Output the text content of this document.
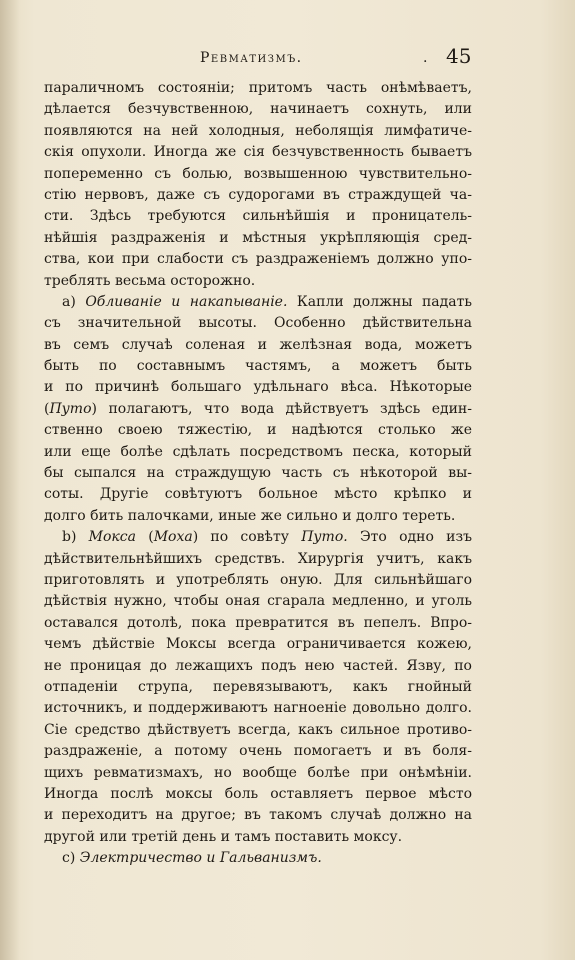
Ревматизмъ.	. 45
параличномъ состояніи; притомъ часть онѣмѣваетъ,
дѣлается безчувственною, начинаетъ сохнуть, или
появляются на ней холодныя, неболящія лимфатиче-
скія опухоли. Иногда же сія безчувственность бываетъ
попеременно съ болью, возвышенною чувствительно-
стію нервовъ, даже съ судорогами въ страждущей ча-
сти. Здѣсь требуются сильнѣйшія и проницатель-
нѣйшія раздраженія и мѣстныя укрѣпляющія сред-
ства, кои при слабости съ раздраженіемъ должно упо-
треблять весьма осторожно.
а) Обливаніе и накапываніе. Капли должны падать
съ значительной высоты. Особенно дѣйствительна
въ семъ случаѣ соленая и желѣзная вода, можетъ
быть по составнымъ частямъ, а можетъ быть
и по причинѣ большаго удѣльнаго вѣса. Нѣкоторые
(Путо) полагаютъ, что вода дѣйствуетъ здѣсь един-
ственно своею тяжестію, и надѣются столько же
или еще болѣе сдѣлать посредствомъ песка, который
бы сыпался на страждущую часть съ нѣкоторой вы-
соты. Другіе совѣтуютъ больное мѣсто крѣпко и
долго бить палочками, иные же сильно и долго тереть.
b) Мокса (Моха) по совѣту Путо. Это одно изъ
дѣйствительнѣйшихъ средствъ. Хирургія учитъ, какъ
приготовлять и употреблять оную. Для сильнѣйшаго
дѣйствія нужно, чтобы оная сгарала медленно, и уголь
оставался дотолѣ, пока превратится въ пепелъ. Впро-
чемъ дѣйствіе Моксы всегда ограничивается кожею,
не проницая до лежащихъ подъ нею частей. Язву, по
отпаденіи струпа, перевязываютъ, какъ гнойный
источникъ, и поддерживаютъ нагноеніе довольно долго.
Сіе средство дѣйствуетъ всегда, какъ сильное противо-
раздраженіе, а потому очень помогаетъ и въ боля-
щихъ ревматизмахъ, но вообще болѣе при онѣмѣніи.
Иногда послѣ моксы боль оставляетъ первое мѣсто
и переходитъ на другое; въ такомъ случаѣ должно на
другой или третій день и тамъ поставить моксу.
с) Электричество и Гальванизмъ.
